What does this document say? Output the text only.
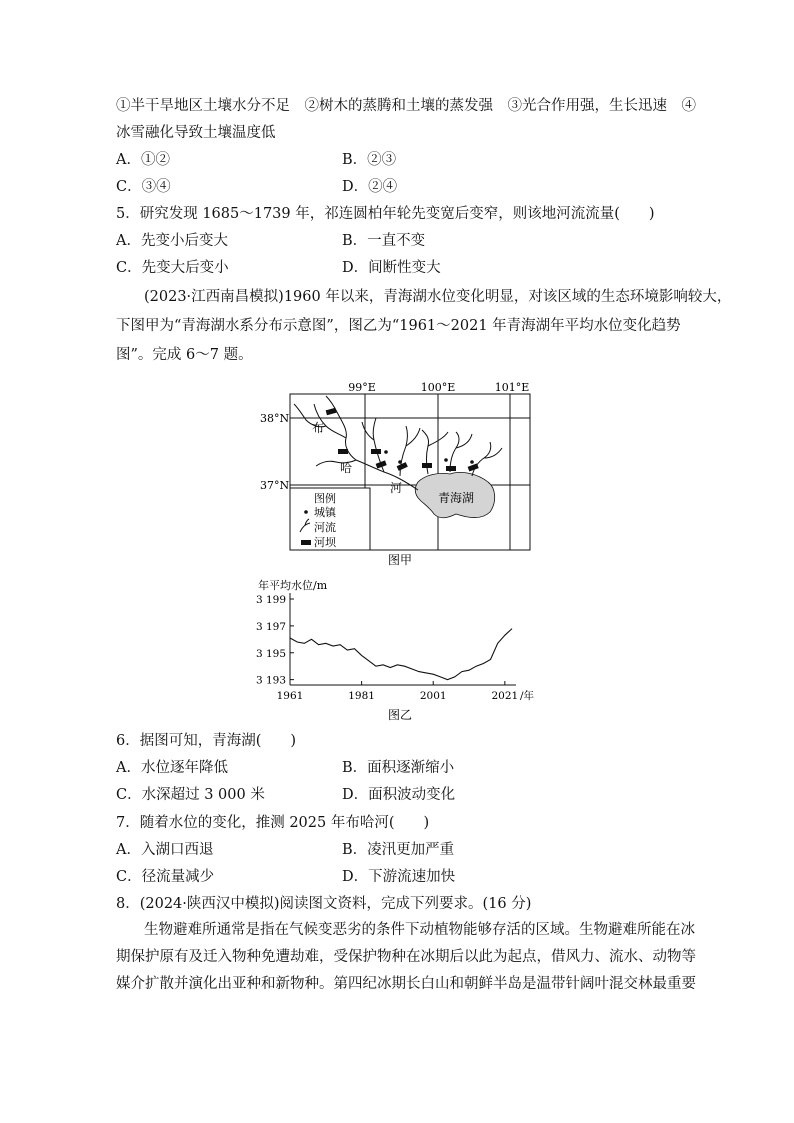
①半干旱地区土壤水分不足　②树木的蒸腾和土壤的蒸发强　③光合作用强，生长迅速　④
冰雪融化导致土壤温度低
A．①②	B．②③
C．③④	D．②④
5．研究发现 1685～1739 年，祁连圆柏年轮先变宽后变窄，则该地河流流量(　　)
A．先变小后变大	B．一直不变
C．先变大后变小	D．间断性变大
(2023·江西南昌模拟)1960 年以来，青海湖水位变化明显，对该区域的生态环境影响较大，
下图甲为“青海湖水系分布示意图”，图乙为“1961～2021 年青海湖年平均水位变化趋势
图”。完成 6～7 题。
99°E	100°E	101°E
38°N
37°N
布
哈
河
青海湖
图例
城镇
河流
河坝
图甲
年平均水位/m
3 199
3 197
3 195
3 193
1961	1981	2001	2021 /年
图乙
6．据图可知，青海湖(　　)
A．水位逐年降低	B．面积逐渐缩小
C．水深超过 3 000 米	D．面积波动变化
7．随着水位的变化，推测 2025 年布哈河(　　)
A．入湖口西退	B．凌汛更加严重
C．径流量减少	D．下游流速加快
8．(2024·陕西汉中模拟)阅读图文资料，完成下列要求。(16 分)
生物避难所通常是指在气候变恶劣的条件下动植物能够存活的区域。生物避难所能在冰
期保护原有及迁入物种免遭劫难，受保护物种在冰期后以此为起点，借风力、流水、动物等
媒介扩散并演化出亚种和新物种。第四纪冰期长白山和朝鲜半岛是温带针阔叶混交林最重要
